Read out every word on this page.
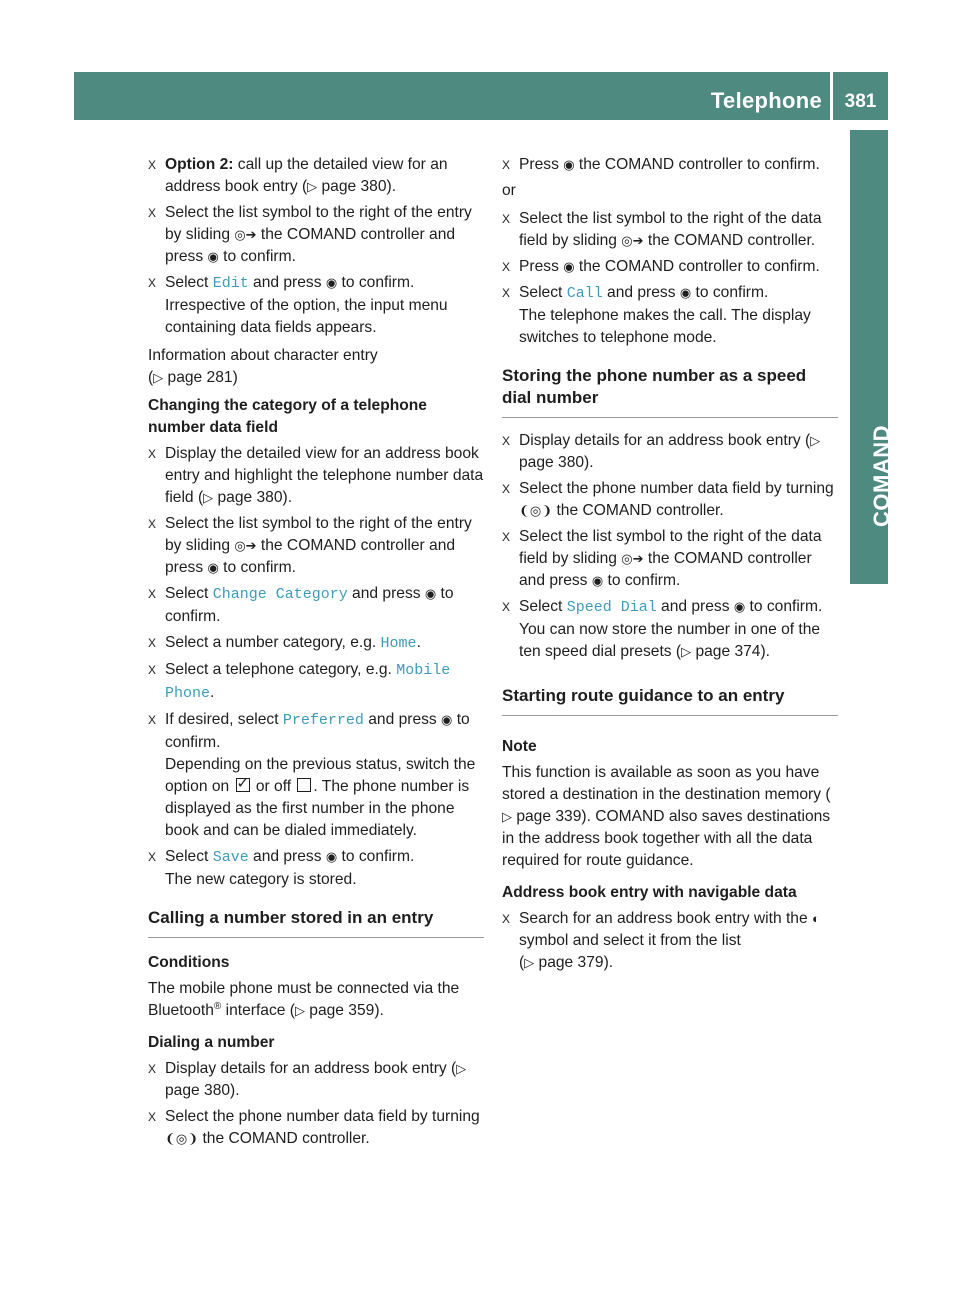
Telephone	381
COMAND
X Option 2: call up the detailed view for an address book entry (▷ page 380).
X Select the list symbol to the right of the entry by sliding ◎➔ the COMAND controller and press ◉ to confirm.
X Select Edit and press ◉ to confirm.
Irrespective of the option, the input menu containing data fields appears.
Information about character entry
(▷ page 281)
Changing the category of a telephone number data field
X Display the detailed view for an address book entry and highlight the telephone number data field (▷ page 380).
X Select the list symbol to the right of the entry by sliding ◎➔ the COMAND controller and press ◉ to confirm.
X Select Change Category and press ◉ to confirm.
X Select a number category, e.g. Home.
X Select a telephone category, e.g. Mobile Phone.
X If desired, select Preferred and press ◉ to confirm.
Depending on the previous status, switch the option on ✓ or off . The phone number is displayed as the first number in the phone book and can be dialed immediately.
X Select Save and press ◉ to confirm.
The new category is stored.
Calling a number stored in an entry
Conditions
The mobile phone must be connected via the Bluetooth® interface (▷ page 359).
Dialing a number
X Display details for an address book entry (▷ page 380).
X Select the phone number data field by turning ❨◎❩ the COMAND controller.
X Press ◉ the COMAND controller to confirm.
or
X Select the list symbol to the right of the data field by sliding ◎➔ the COMAND controller.
X Press ◉ the COMAND controller to confirm.
X Select Call and press ◉ to confirm.
The telephone makes the call. The display switches to telephone mode.
Storing the phone number as a speed dial number
X Display details for an address book entry (▷ page 380).
X Select the phone number data field by turning ❨◎❩ the COMAND controller.
X Select the list symbol to the right of the data field by sliding ◎➔ the COMAND controller and press ◉ to confirm.
X Select Speed Dial and press ◉ to confirm.
You can now store the number in one of the ten speed dial presets (▷ page 374).
Starting route guidance to an entry
Note
This function is available as soon as you have stored a destination in the destination memory (▷ page 339). COMAND also saves destinations in the address book together with all the data required for route guidance.
Address book entry with navigable data
X Search for an address book entry with the ◐ symbol and select it from the list
(▷ page 379).
